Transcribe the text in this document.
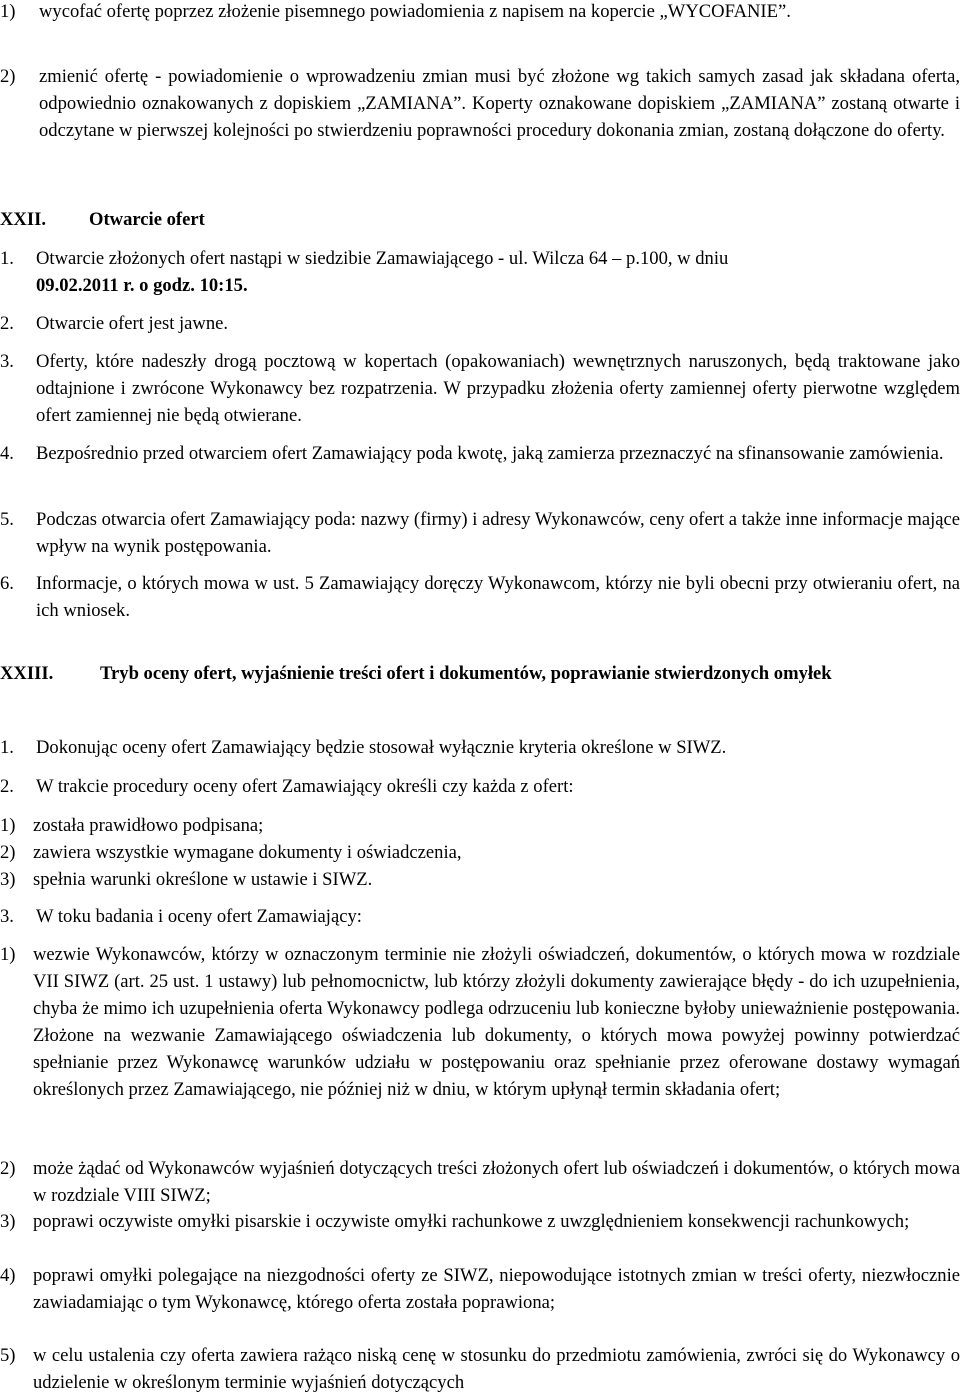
1)	wycofać ofertę poprzez złożenie pisemnego powiadomienia z napisem na kopercie „WYCOFANIE”.
2)	zmienić ofertę - powiadomienie o wprowadzeniu zmian musi być złożone wg takich samych zasad jak składana oferta, odpowiednio oznakowanych z dopiskiem „ZAMIANA”. Koperty oznakowane dopiskiem „ZAMIANA” zostaną otwarte i odczytane w pierwszej kolejności po stwierdzeniu poprawności procedury dokonania zmian, zostaną dołączone do oferty.
XXII.	Otwarcie ofert
1.	Otwarcie złożonych ofert nastąpi w siedzibie Zamawiającego - ul. Wilcza 64 – p.100, w dniu
09.02.2011 r. o godz. 10:15.
2.	Otwarcie ofert jest jawne.
3.	Oferty, które nadeszły drogą pocztową w kopertach (opakowaniach) wewnętrznych naruszonych, będą traktowane jako odtajnione i zwrócone Wykonawcy bez rozpatrzenia. W przypadku złożenia oferty zamiennej oferty pierwotne względem ofert zamiennej nie będą otwierane.
4.	Bezpośrednio przed otwarciem ofert Zamawiający poda kwotę, jaką zamierza przeznaczyć na sfinansowanie zamówienia.
5.	Podczas otwarcia ofert Zamawiający poda: nazwy (firmy) i adresy Wykonawców, ceny ofert a także inne informacje mające wpływ na wynik postępowania.
6.	Informacje, o których mowa w ust. 5 Zamawiający doręczy Wykonawcom, którzy nie byli obecni przy otwieraniu ofert, na ich wniosek.
XXIII.	Tryb oceny ofert, wyjaśnienie treści ofert i dokumentów, poprawianie stwierdzonych omyłek
1.	Dokonując oceny ofert Zamawiający będzie stosował wyłącznie kryteria określone w SIWZ.
2.	W trakcie procedury oceny ofert Zamawiający określi czy każda z ofert:
1) została prawidłowo podpisana;
2) zawiera wszystkie wymagane dokumenty i oświadczenia,
3) spełnia warunki określone w ustawie i SIWZ.
3.	W toku badania i oceny ofert Zamawiający:
1) wezwie Wykonawców, którzy w oznaczonym terminie nie złożyli oświadczeń, dokumentów, o których mowa w rozdziale VII SIWZ (art. 25 ust. 1 ustawy) lub pełnomocnictw, lub którzy złożyli dokumenty zawierające błędy - do ich uzupełnienia, chyba że mimo ich uzupełnienia oferta Wykonawcy podlega odrzuceniu lub konieczne byłoby unieważnienie postępowania. Złożone na wezwanie Zamawiającego oświadczenia lub dokumenty, o których mowa powyżej powinny potwierdzać spełnianie przez Wykonawcę warunków udziału w postępowaniu oraz spełnianie przez oferowane dostawy wymagań określonych przez Zamawiającego, nie później niż w dniu, w którym upłynął termin składania ofert;
2) może żądać od Wykonawców wyjaśnień dotyczących treści złożonych ofert lub oświadczeń i dokumentów, o których mowa w rozdziale VIII SIWZ;
3) poprawi oczywiste omyłki pisarskie i oczywiste omyłki rachunkowe z uwzględnieniem konsekwencji rachunkowych;
4) poprawi omyłki polegające na niezgodności oferty ze SIWZ, niepowodujące istotnych zmian w treści oferty, niezwłocznie zawiadamiając o tym Wykonawcę, którego oferta została poprawiona;
5) w celu ustalenia czy oferta zawiera rażąco niską cenę w stosunku do przedmiotu zamówienia, zwróci się do Wykonawcy o udzielenie w określonym terminie wyjaśnień dotyczących
